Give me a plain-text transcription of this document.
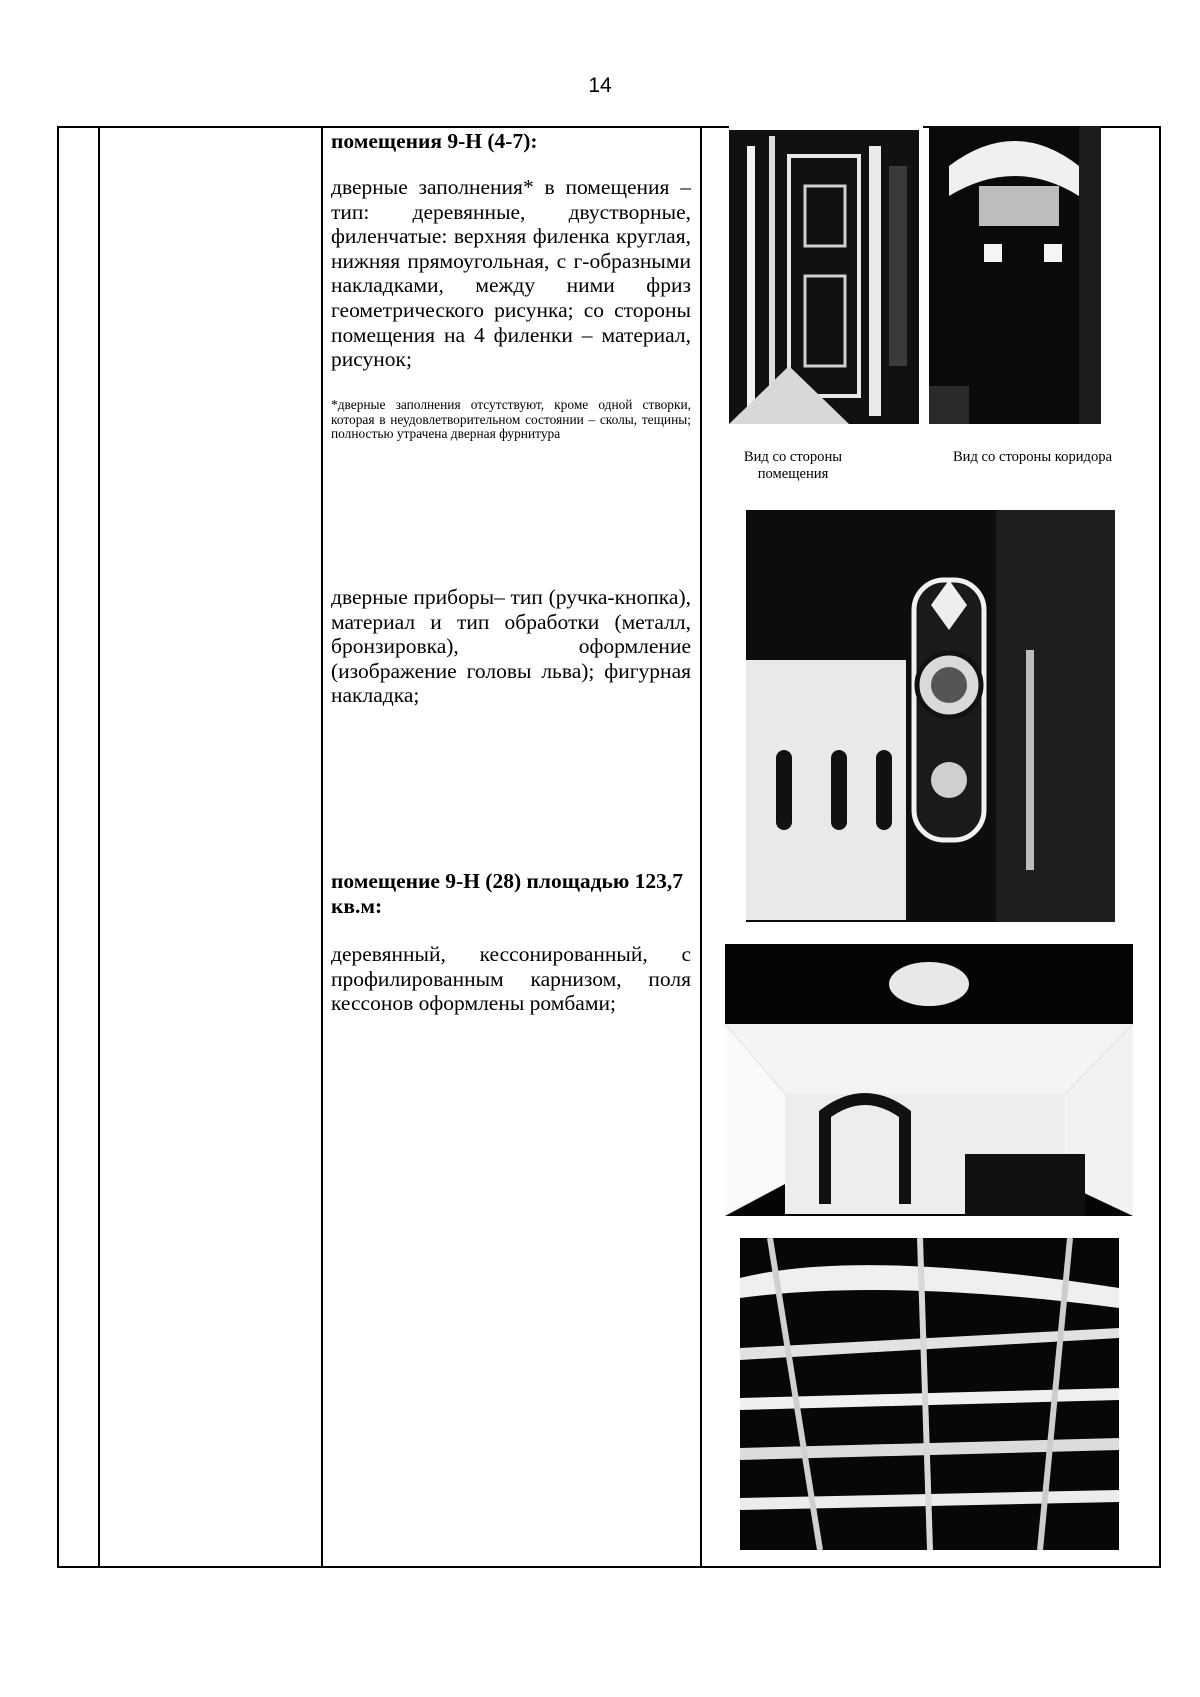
14
помещения 9-Н (4-7):
дверные заполнения* в помещения – тип: деревянные, двустворные, филенчатые: верхняя филенка круглая, нижняя прямоугольная, с г-образными накладками, между ними фриз геометрического рисунка; со стороны помещения на 4 филенки – материал, рисунок;
*дверные заполнения отсутствуют, кроме одной створки, которая в неудовлетворительном состоянии – сколы, тещины; полностью утрачена дверная фурнитура
дверные приборы– тип (ручка-кнопка), материал и тип обработки (металл, бронзировка), оформление (изображение головы льва); фигурная накладка;
помещение 9-Н (28) площадью 123,7 кв.м:
деревянный, кессонированный, с профилированным карнизом, поля кессонов оформлены ромбами;
Вид со стороны помещения
Вид со стороны коридора
